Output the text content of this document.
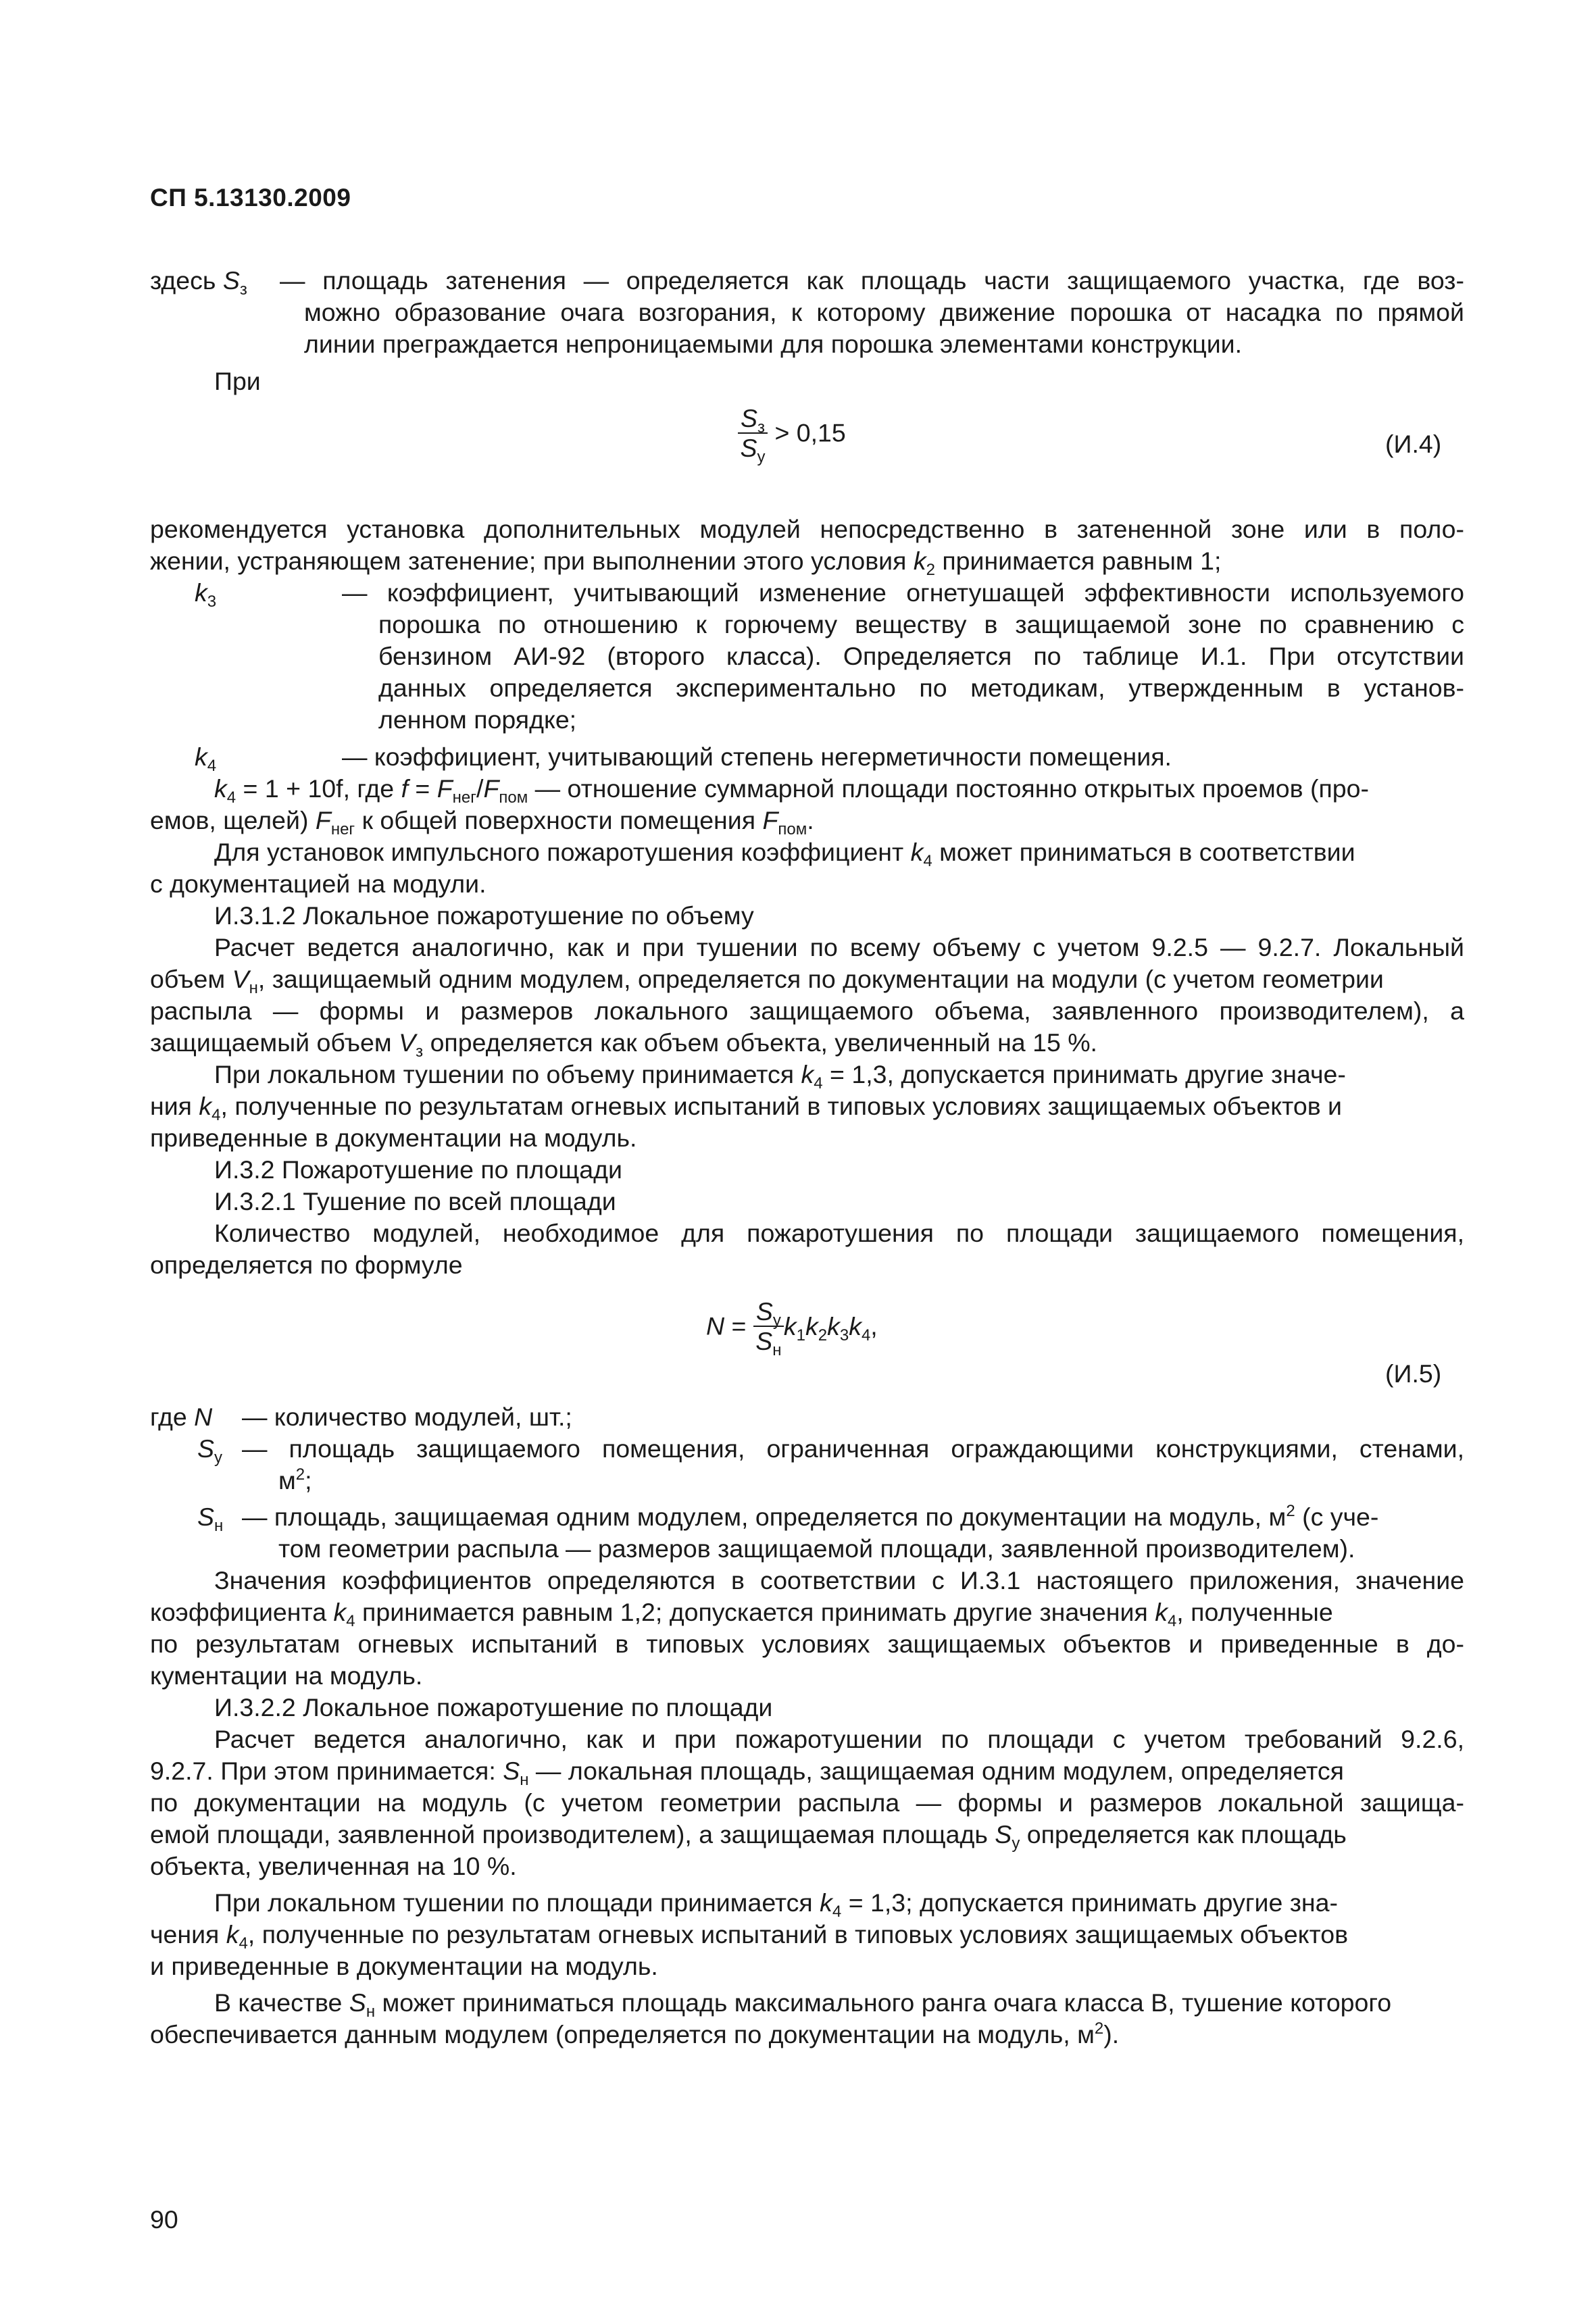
СП 5.13130.2009
здесь $S_з$ — площадь затенения — определяется как площадь части защищаемого участка, где воз-
можно образование очага возгорания, к которому движение порошка от насадка по прямой
линии преграждается непроницаемыми для порошка элементами конструкции.
При
$\frac{S_з}{S_у} > 0,15$	(И.4)
рекомендуется установка дополнительных модулей непосредственно в затененной зоне или в поло-
жении, устраняющем затенение; при выполнении этого условия $k_2$ принимается равным 1;
$k_3$	— коэффициент, учитывающий изменение огнетушащей эффективности используемого
порошка по отношению к горючему веществу в защищаемой зоне по сравнению с
бензином АИ-92 (второго класса). Определяется по таблице И.1. При отсутствии
данных определяется экспериментально по методикам, утвержденным в установ-
ленном порядке;
$k_4$	— коэффициент, учитывающий степень негерметичности помещения.
$k_4 = 1 + 10f$, где $f = F_{нег}/F_{пом}$ — отношение суммарной площади постоянно открытых проемов (про-
емов, щелей) $F_{нег}$ к общей поверхности помещения $F_{пом}$.
Для установок импульсного пожаротушения коэффициент $k_4$ может приниматься в соответствии
с документацией на модули.
И.3.1.2 Локальное пожаротушение по объему
Расчет ведется аналогично, как и при тушении по всему объему с учетом 9.2.5 — 9.2.7. Локальный
объем $V_н$, защищаемый одним модулем, определяется по документации на модули (с учетом геометрии
распыла — формы и размеров локального защищаемого объема, заявленного производителем), а
защищаемый объем $V_з$ определяется как объем объекта, увеличенный на 15 %.
При локальном тушении по объему принимается $k_4 = 1,3$, допускается принимать другие значе-
ния $k_4$, полученные по результатам огневых испытаний в типовых условиях защищаемых объектов и
приведенные в документации на модуль.
И.3.2 Пожаротушение по площади
И.3.2.1 Тушение по всей площади
Количество модулей, необходимое для пожаротушения по площади защищаемого помещения,
определяется по формуле
$N = \frac{S_у}{S_н} k_1k_2k_3k_4$,
(И.5)
где N — количество модулей, шт.;
$S_у$ — площадь защищаемого помещения, ограниченная ограждающими конструкциями, стенами,
$м^2$;
$S_н$ — площадь, защищаемая одним модулем, определяется по документации на модуль, $м^2$ (с уче-
том геометрии распыла — размеров защищаемой площади, заявленной производителем).
Значения коэффициентов определяются в соответствии с И.3.1 настоящего приложения, значение
коэффициента $k_4$ принимается равным 1,2; допускается принимать другие значения $k_4$, полученные
по результатам огневых испытаний в типовых условиях защищаемых объектов и приведенные в до-
кументации на модуль.
И.3.2.2 Локальное пожаротушение по площади
Расчет ведется аналогично, как и при пожаротушении по площади с учетом требований 9.2.6,
9.2.7. При этом принимается: $S_н$ — локальная площадь, защищаемая одним модулем, определяется
по документации на модуль (с учетом геометрии распыла — формы и размеров локальной защища-
емой площади, заявленной производителем), а защищаемая площадь $S_у$ определяется как площадь
объекта, увеличенная на 10 %.
При локальном тушении по площади принимается $k_4 = 1,3$; допускается принимать другие зна-
чения $k_4$, полученные по результатам огневых испытаний в типовых условиях защищаемых объектов
и приведенные в документации на модуль.
В качестве $S_н$ может приниматься площадь максимального ранга очага класса В, тушение которого
обеспечивается данным модулем (определяется по документации на модуль, $м^2$).
90
